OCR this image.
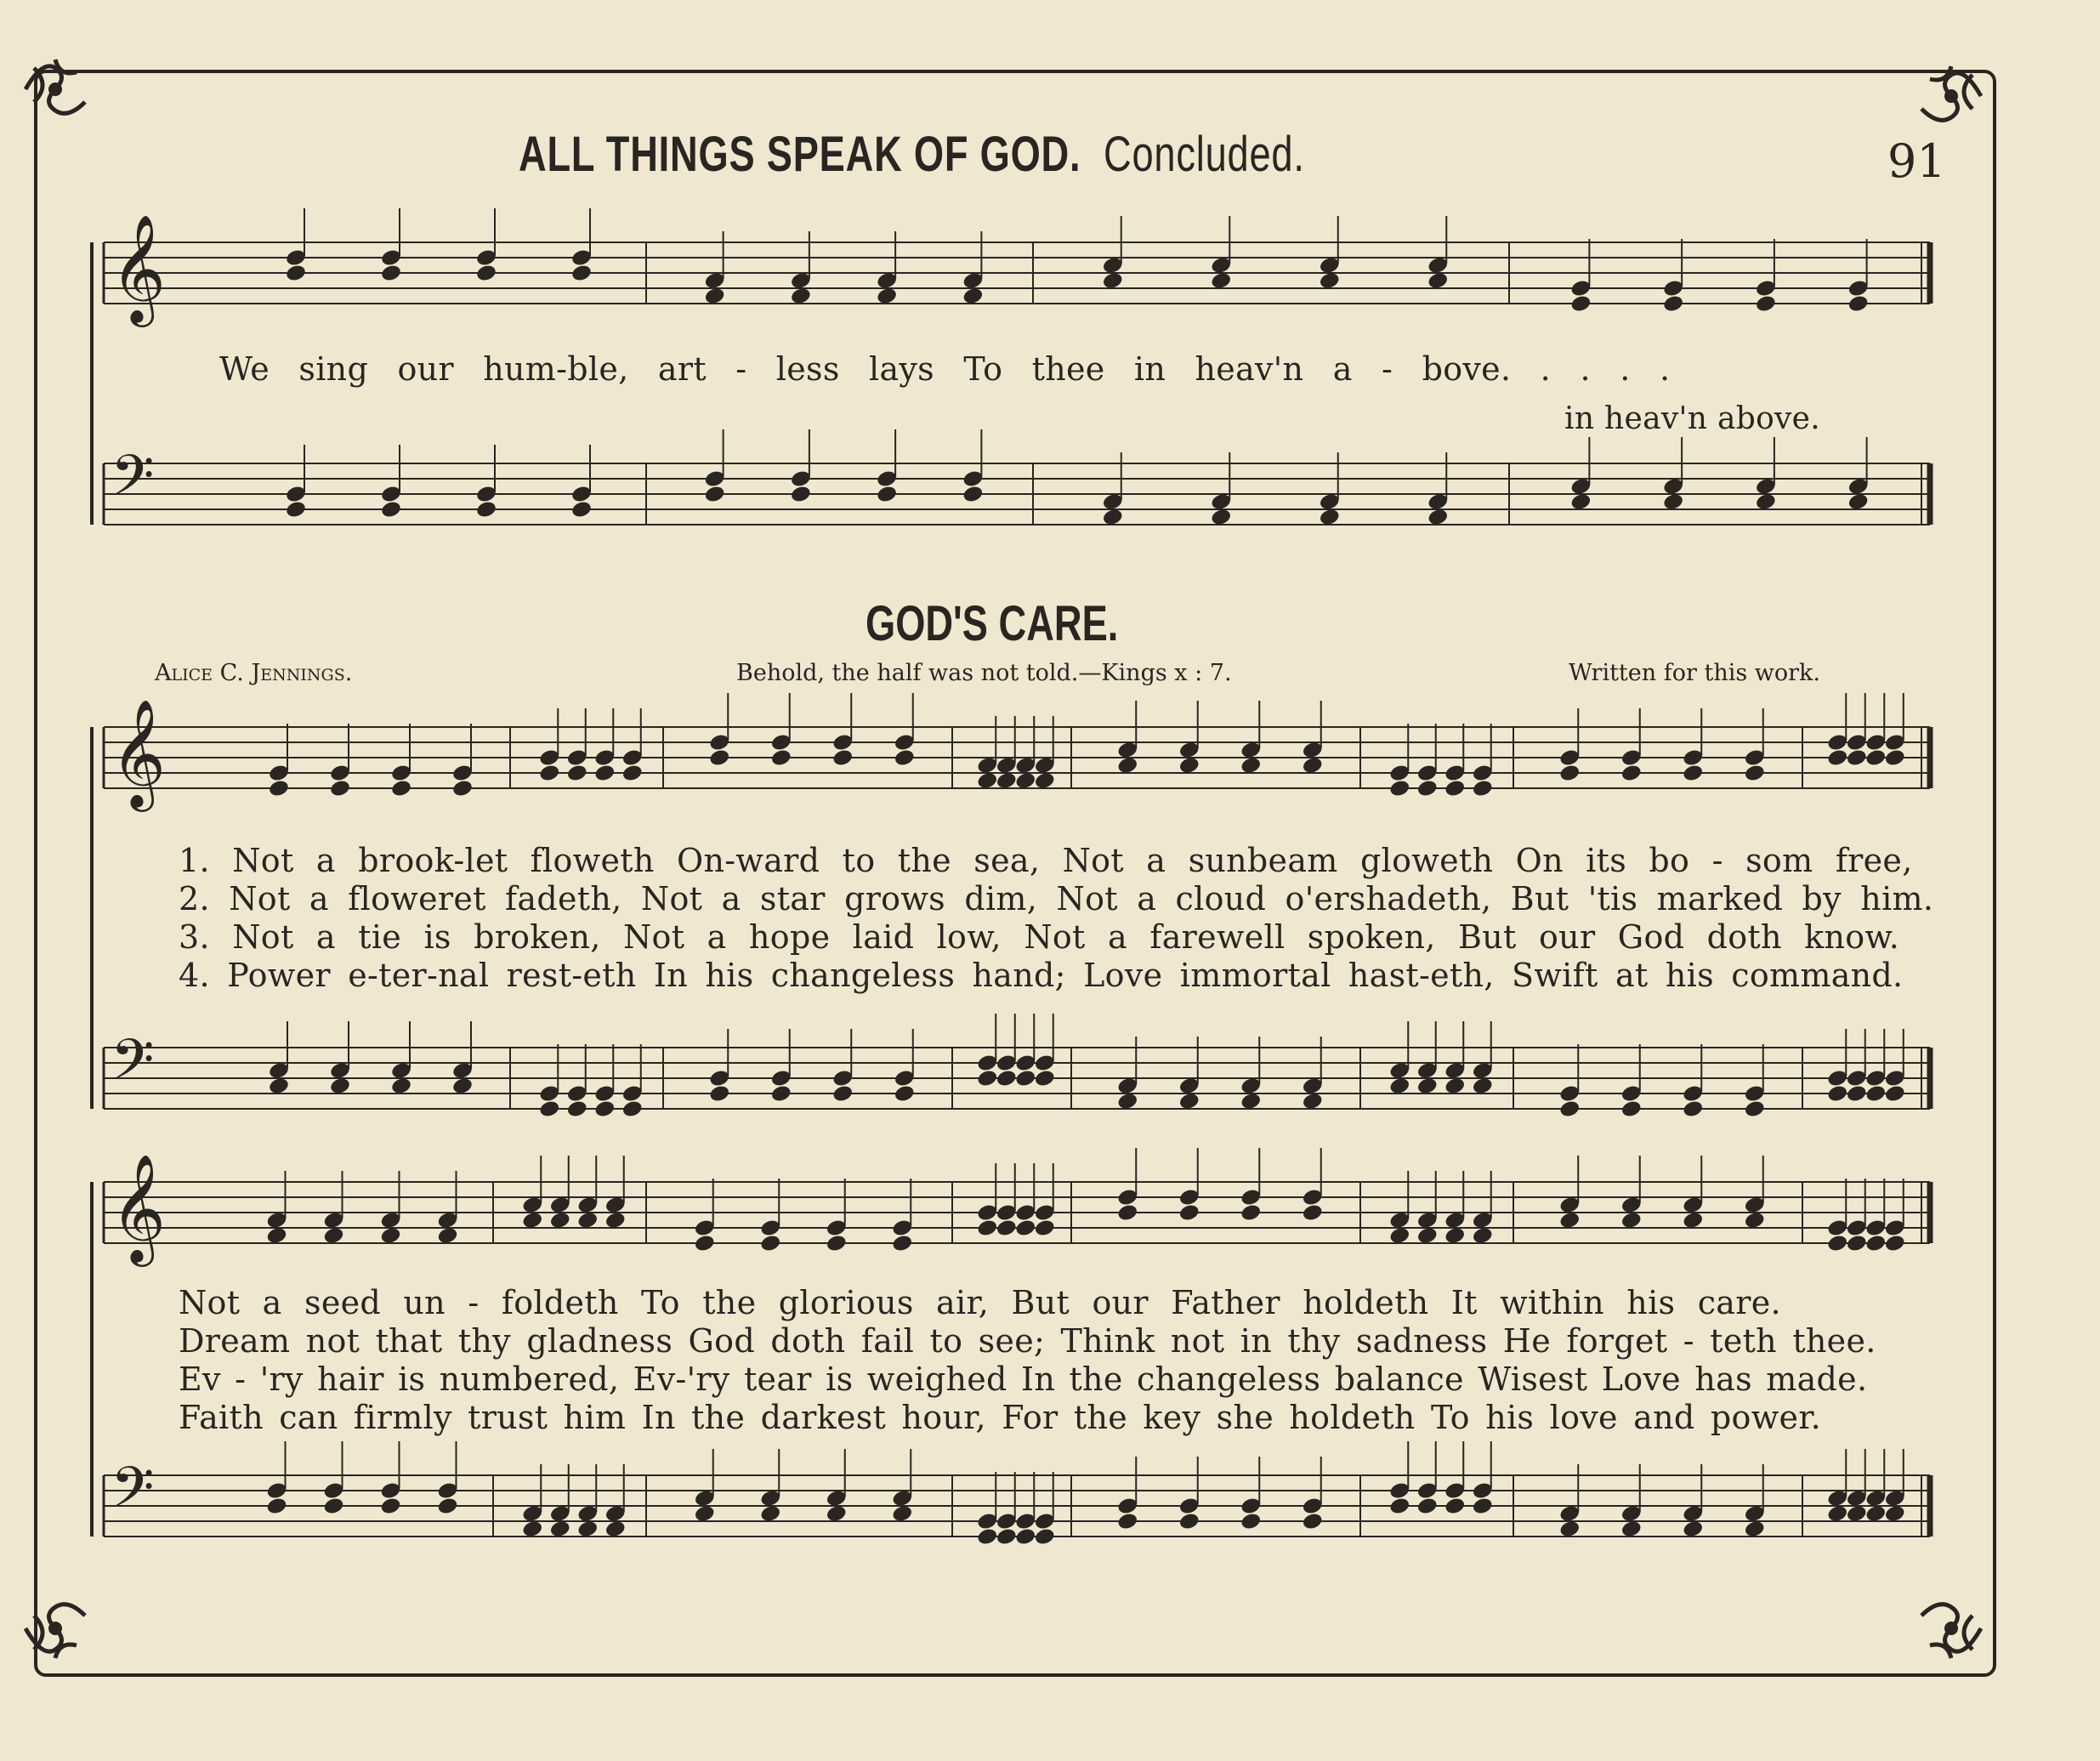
ALL THINGS SPEAK OF GOD. Concluded.	91
𝄞
𝄢
𝄞
𝄢
𝄞
𝄢
We sing our hum-ble, art - less lays To thee in heav'n a - bove. . . . .
in heav'n above.
GOD'S CARE.
Alice C. Jennings.	Behold, the half was not told.—Kings x : 7.	Written for this work.
1. Not a brook-let floweth On-ward to the sea, Not a sunbeam gloweth On its bo - som free,
2. Not a floweret fadeth, Not a star grows dim, Not a cloud o'ershadeth, But 'tis marked by him.
3. Not a tie is broken, Not a hope laid low, Not a farewell spoken, But our God doth know.
4. Power e-ter-nal rest-eth In his changeless hand; Love immortal hast-eth, Swift at his command.
Not a seed un - foldeth To the glorious air, But our Father holdeth It within his care.
Dream not that thy gladness God doth fail to see; Think not in thy sadness He forget - teth thee.
Ev - 'ry hair is numbered, Ev-'ry tear is weighed In the changeless balance Wisest Love has made.
Faith can firmly trust him In the darkest hour, For the key she holdeth To his love and power.
